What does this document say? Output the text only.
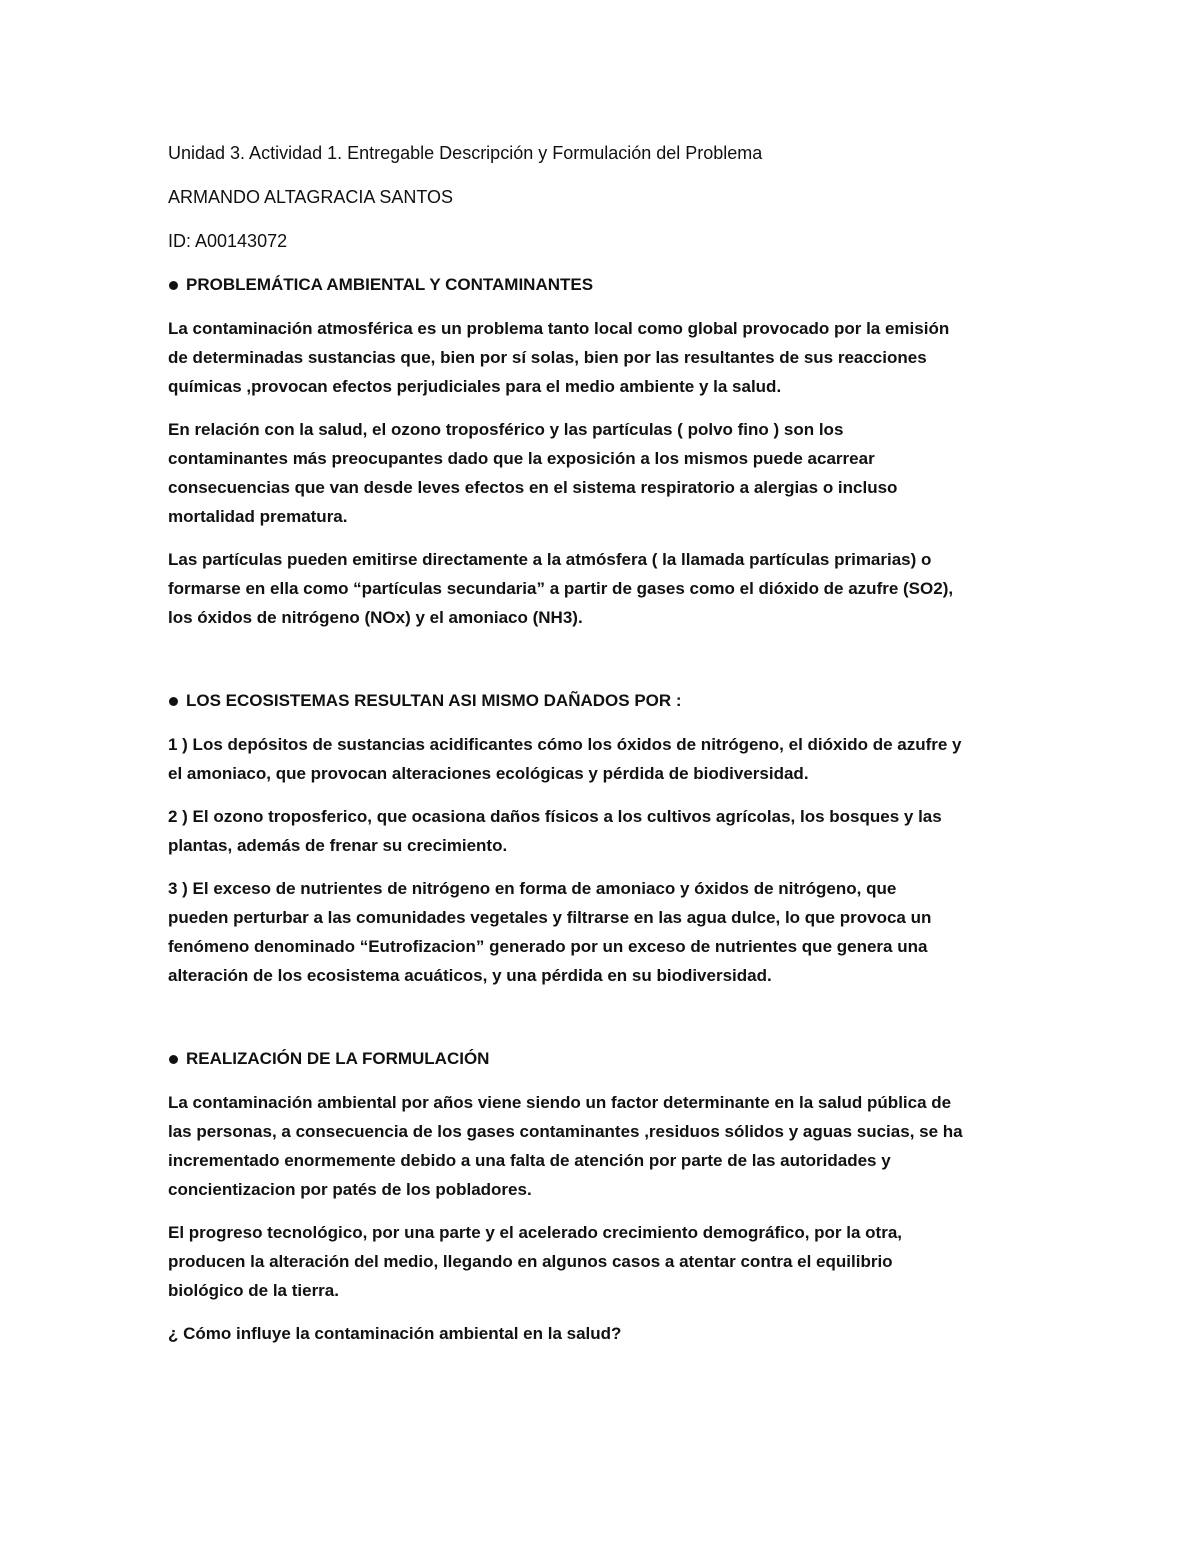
Unidad 3. Actividad 1. Entregable Descripción y Formulación del Problema
ARMANDO ALTAGRACIA SANTOS
ID: A00143072
PROBLEMÁTICA AMBIENTAL Y CONTAMINANTES
La contaminación atmosférica es un problema tanto local como global provocado por la emisión
de determinadas sustancias que, bien por sí solas, bien por las resultantes de sus reacciones
químicas ,provocan efectos perjudiciales para el medio ambiente y la salud.
En relación con la salud, el ozono troposférico y las partículas ( polvo fino ) son los
contaminantes más preocupantes dado que la exposición a los mismos puede acarrear
consecuencias que van desde leves efectos en el sistema respiratorio a alergias o incluso
mortalidad prematura.
Las partículas pueden emitirse directamente a la atmósfera ( la llamada partículas primarias) o
formarse en ella como “partículas secundaria” a partir de gases como el dióxido de azufre (SO2),
los óxidos de nitrógeno (NOx) y el amoniaco (NH3).
LOS ECOSISTEMAS RESULTAN ASI MISMO DAÑADOS POR :
1 ) Los depósitos de sustancias acidificantes cómo los óxidos de nitrógeno, el dióxido de azufre y
el amoniaco, que provocan alteraciones ecológicas y pérdida de biodiversidad.
2 ) El ozono troposferico, que ocasiona daños físicos a los cultivos agrícolas, los bosques y las
plantas, además de frenar su crecimiento.
3 ) El exceso de nutrientes de nitrógeno en forma de amoniaco y óxidos de nitrógeno, que
pueden perturbar a las comunidades vegetales y filtrarse en las agua dulce, lo que provoca un
fenómeno denominado “Eutrofizacion” generado por un exceso de nutrientes que genera una
alteración de los ecosistema acuáticos, y una pérdida en su biodiversidad.
REALIZACIÓN DE LA FORMULACIÓN
La contaminación ambiental por años viene siendo un factor determinante en la salud pública de
las personas, a consecuencia de los gases contaminantes ,residuos sólidos y aguas sucias, se ha
incrementado enormemente debido a una falta de atención por parte de las autoridades y
concientizacion por patés de los pobladores.
El progreso tecnológico, por una parte y el acelerado crecimiento demográfico, por la otra,
producen la alteración del medio, llegando en algunos casos a atentar contra el equilibrio
biológico de la tierra.
¿ Cómo influye la contaminación ambiental en la salud?
